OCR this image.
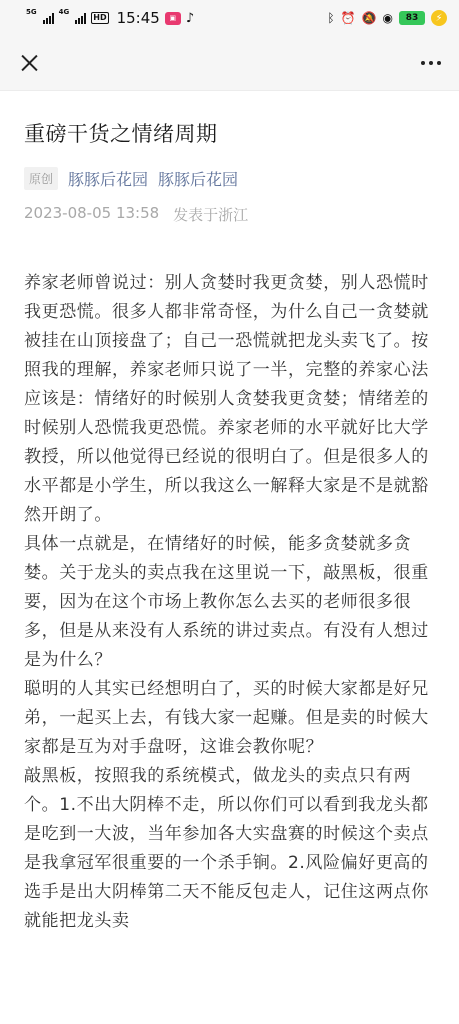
5G	4G
HD 15:45	▣ ♪	ᛒ ⏰ 🔕 ◉	83	⚡
重磅干货之情绪周期
原创 豚豚后花园 豚豚后花园
2023-08-05 13:58 发表于浙江

养家老师曾说过：别人贪婪时我更贪婪，别人恐慌时我更恐慌。很多人都非常奇怪，为什么自己一贪婪就被挂在山顶接盘了；自己一恐慌就把龙头卖飞了。按照我的理解，养家老师只说了一半，完整的养家心法应该是：情绪好的时候别人贪婪我更贪婪；情绪差的时候别人恐慌我更恐慌。养家老师的水平就好比大学教授，所以他觉得已经说的很明白了。但是很多人的水平都是小学生，所以我这么一解释大家是不是就豁然开朗了。

具体一点就是，在情绪好的时候，能多贪婪就多贪婪。关于龙头的卖点我在这里说一下，敲黑板，很重要，因为在这个市场上教你怎么去买的老师很多很多，但是从来没有人系统的讲过卖点。有没有人想过是为什么？

聪明的人其实已经想明白了，买的时候大家都是好兄弟，一起买上去，有钱大家一起赚。但是卖的时候大家都是互为对手盘呀，这谁会教你呢？

敲黑板，按照我的系统模式，做龙头的卖点只有两个。1.不出大阴棒不走，所以你们可以看到我龙头都是吃到一大波，当年参加各大实盘赛的时候这个卖点是我拿冠军很重要的一个杀手锏。2.风险偏好更高的选手是出大阴棒第二天不能反包走人，记住这两点你就能把龙头卖
